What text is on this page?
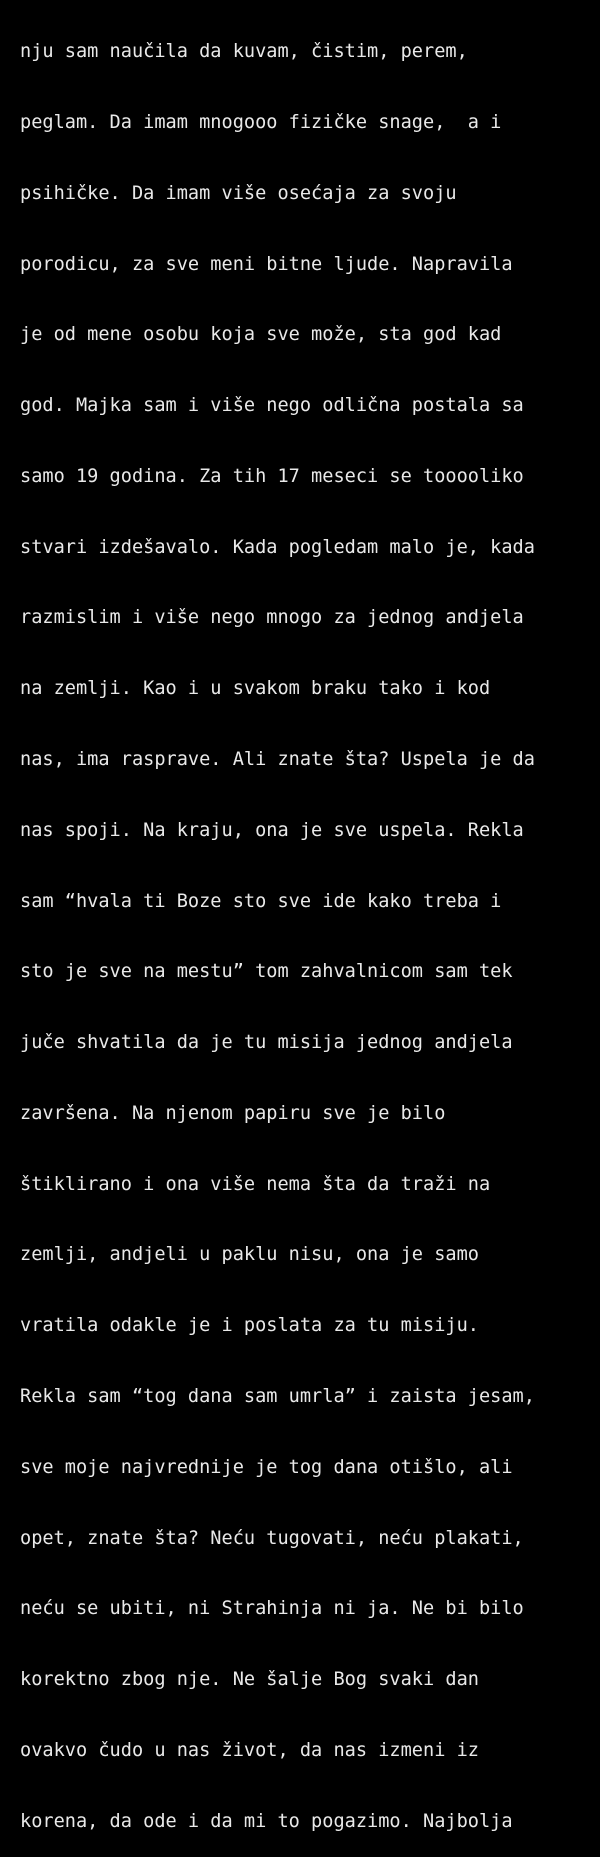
nju sam naučila da kuvam, čistim, perem,

peglam. Da imam mnogooo fizičke snage,  a i

psihičke. Da imam više osećaja za svoju

porodicu, za sve meni bitne ljude. Napravila

je od mene osobu koja sve može, sta god kad

god. Majka sam i više nego odlična postala sa

samo 19 godina. Za tih 17 meseci se tooooliko

stvari izdešavalo. Kada pogledam malo je, kada

razmislim i više nego mnogo za jednog andjela

na zemlji. Kao i u svakom braku tako i kod

nas, ima rasprave. Ali znate šta? Uspela je da

nas spoji. Na kraju, ona je sve uspela. Rekla

sam “hvala ti Boze sto sve ide kako treba i

sto je sve na mestu” tom zahvalnicom sam tek

juče shvatila da je tu misija jednog andjela

završena. Na njenom papiru sve je bilo

štiklirano i ona više nema šta da traži na

zemlji, andjeli u paklu nisu, ona je samo

vratila odakle je i poslata za tu misiju.

Rekla sam “tog dana sam umrla” i zaista jesam,

sve moje najvrednije je tog dana otišlo, ali

opet, znate šta? Neću tugovati, neću plakati,

neću se ubiti, ni Strahinja ni ja. Ne bi bilo

korektno zbog nje. Ne šalje Bog svaki dan

ovakvo čudo u nas život, da nas izmeni iz

korena, da ode i da mi to pogazimo. Najbolja
